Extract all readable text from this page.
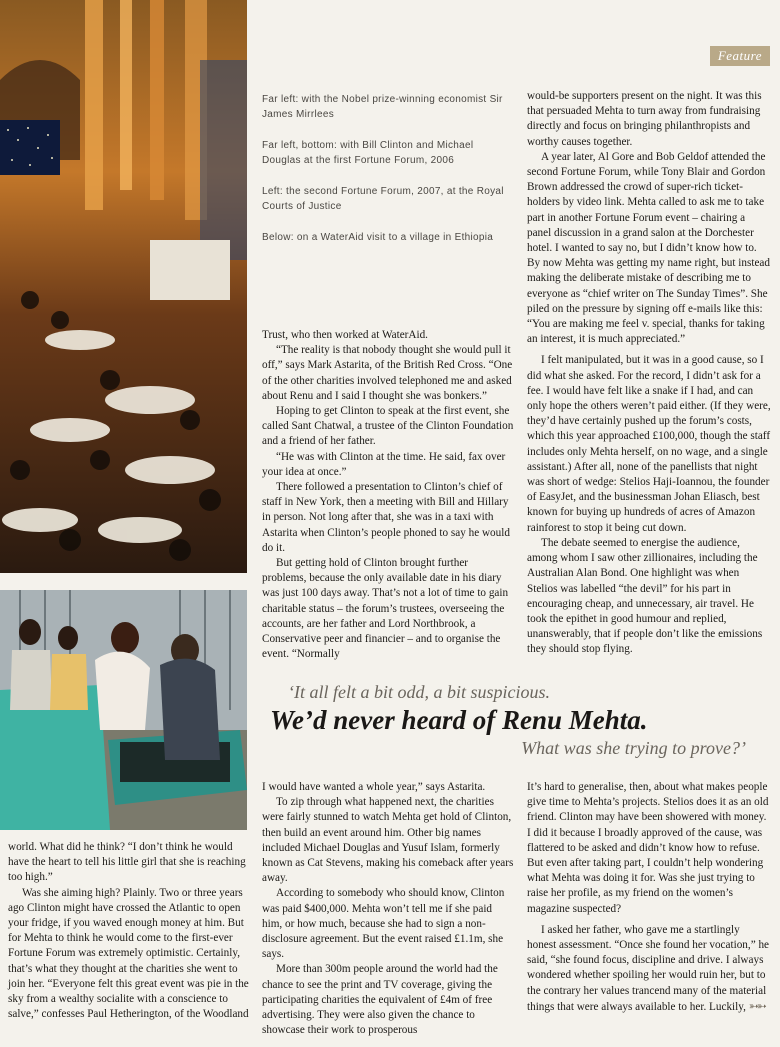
Feature

Far left: with the Nobel prize-winning economist Sir James Mirrlees

Far left, bottom: with Bill Clinton and Michael Douglas at the first Fortune Forum, 2006

Left: the second Fortune Forum, 2007, at the Royal Courts of Justice

Below: on a WaterAid visit to a village in Ethiopia

Trust, who then worked at WaterAid.

“The reality is that nobody thought she would pull it off,” says Mark Astarita, of the British Red Cross. “One of the other charities involved telephoned me and asked about Renu and I said I thought she was bonkers.”

Hoping to get Clinton to speak at the first event, she called Sant Chatwal, a trustee of the Clinton Foundation and a friend of her father.

“He was with Clinton at the time. He said, fax over your idea at once.”

There followed a presentation to Clinton’s chief of staff in New York, then a meeting with Bill and Hillary in person. Not long after that, she was in a taxi with Astarita when Clinton’s people phoned to say he would do it.

But getting hold of Clinton brought further problems, because the only available date in his diary was just 100 days away. That’s not a lot of time to gain charitable status – the forum’s trustees, overseeing the accounts, are her father and Lord Northbrook, a Conservative peer and financier – and to organise the event. “Normally

would-be supporters present on the night. It was this that persuaded Mehta to turn away from fundraising directly and focus on bringing philanthropists and worthy causes together.

A year later, Al Gore and Bob Geldof attended the second Fortune Forum, while Tony Blair and Gordon Brown addressed the crowd of super-rich ticket-holders by video link. Mehta called to ask me to take part in another Fortune Forum event – chairing a panel discussion in a grand salon at the Dorchester hotel. I wanted to say no, but I didn’t know how to. By now Mehta was getting my name right, but instead making the deliberate mistake of describing me to everyone as “chief writer on The Sunday Times”. She piled on the pressure by signing off e-mails like this: “You are making me feel v. special, thanks for taking an interest, it is much appreciated.”

I felt manipulated, but it was in a good cause, so I did what she asked. For the record, I didn’t ask for a fee. I would have felt like a snake if I had, and can only hope the others weren’t paid either. (If they were, they’d have certainly pushed up the forum’s costs, which this year approached £100,000, though the staff includes only Mehta herself, on no wage, and a single assistant.) After all, none of the panellists that night was short of wedge: Stelios Haji-Ioannou, the founder of EasyJet, and the businessman Johan Eliasch, best known for buying up hundreds of acres of Amazon rainforest to stop it being cut down.

The debate seemed to energise the audience, among whom I saw other zillionaires, including the Australian Alan Bond. One highlight was when Stelios was labelled “the devil” for his part in encouraging cheap, and unnecessary, air travel. He took the epithet in good humour and replied, unanswerably, that if people don’t like the emissions they should stop flying.

‘It all felt a bit odd, a bit suspicious.
We’d never heard of Renu Mehta.
What was she trying to prove?’

world. What did he think? “I don’t think he would have the heart to tell his little girl that she is reaching too high.”

Was she aiming high? Plainly. Two or three years ago Clinton might have crossed the Atlantic to open your fridge, if you waved enough money at him. But for Mehta to think he would come to the first-ever Fortune Forum was extremely optimistic. Certainly, that’s what they thought at the charities she went to join her. “Everyone felt this great event was pie in the sky from a wealthy socialite with a conscience to salve,” confesses Paul Hetherington, of the Woodland

I would have wanted a whole year,” says Astarita.

To zip through what happened next, the charities were fairly stunned to watch Mehta get hold of Clinton, then build an event around him. Other big names included Michael Douglas and Yusuf Islam, formerly known as Cat Stevens, making his comeback after years away.

According to somebody who should know, Clinton was paid $400,000. Mehta won’t tell me if she paid him, or how much, because she had to sign a non-disclosure agreement. But the event raised £1.1m, she says.

More than 300m people around the world had the chance to see the print and TV coverage, giving the participating charities the equivalent of £4m of free advertising. They were also given the chance to showcase their work to prosperous

It’s hard to generalise, then, about what makes people give time to Mehta’s projects. Stelios does it as an old friend. Clinton may have been showered with money. I did it because I broadly approved of the cause, was flattered to be asked and didn’t know how to refuse. But even after taking part, I couldn’t help wondering what Mehta was doing it for. Was she just trying to raise her profile, as my friend on the women’s magazine suspected?

I asked her father, who gave me a startlingly honest assessment. “Once she found her vocation,” he said, “she found focus, discipline and drive. I always wondered whether spoiling her would ruin her, but to the contrary her values trancend many of the material things that were always available to her. Luckily, ➳➳
